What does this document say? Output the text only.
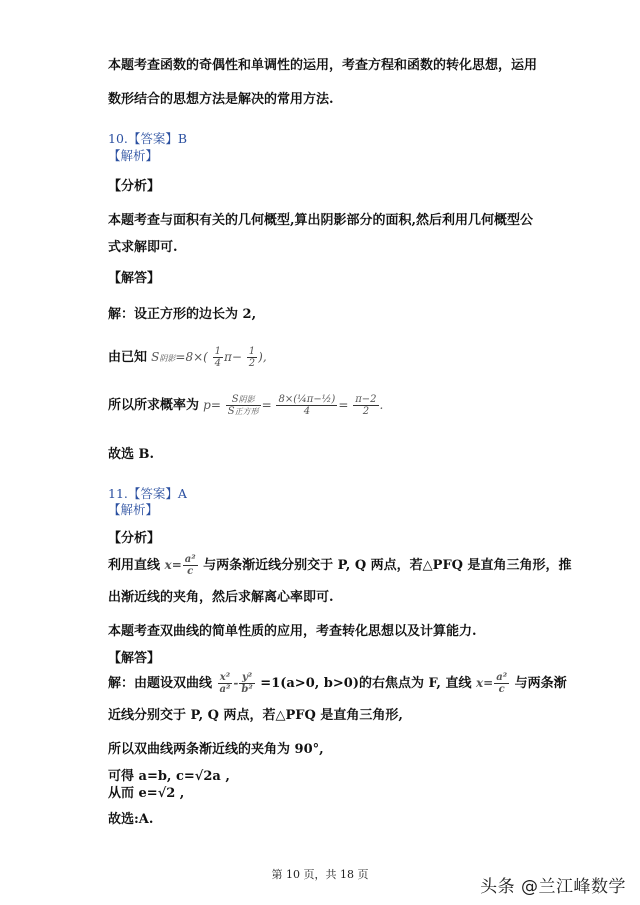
本题考查函数的奇偶性和单调性的运用，考查方程和函数的转化思想，运用
数形结合的思想方法是解决的常用方法.
10.【答案】B
【解析】
【分析】
本题考查与面积有关的几何概型,算出阴影部分的面积,然后利用几何概型公
式求解即可.
【解答】
解：设正方形的边长为 2,
由已知 S阴影$=8\times( \frac{1}{4} \pi- \frac{1}{2}$ ),
所以所求概率为 $p= \frac{\text{S阴影}}{\text{S正方形}} = \frac{\text{8×(¼π−½)}}{4} = \frac{\pi-2}{2}$ .
故选 B.
11.【答案】A
【解析】
【分析】
利用直线 $x= \frac{\text{a²}}{c}$ 与两条渐近线分别交于 P, Q 两点，若△PFQ 是直角三角形，推
出渐近线的夹角，然后求解离心率即可.
本题考查双曲线的简单性质的应用，考查转化思想以及计算能力.
【解答】
解：由题设双曲线 $\frac{\text{x²}}{\text{a²}} - \frac{\text{y²}}{\text{b²}} =1(a>0$, b>0)的右焦点为 F, 直线 $x= \frac{\text{a²}}{c}$ 与两条渐
近线分别交于 P, Q 两点，若△PFQ 是直角三角形,
所以双曲线两条渐近线的夹角为 90°,
可得 a=b, c=√2a ,
从而 e=√2 ,
故选:A.
第 10 页，共 18 页
头条 @兰江峰数学
